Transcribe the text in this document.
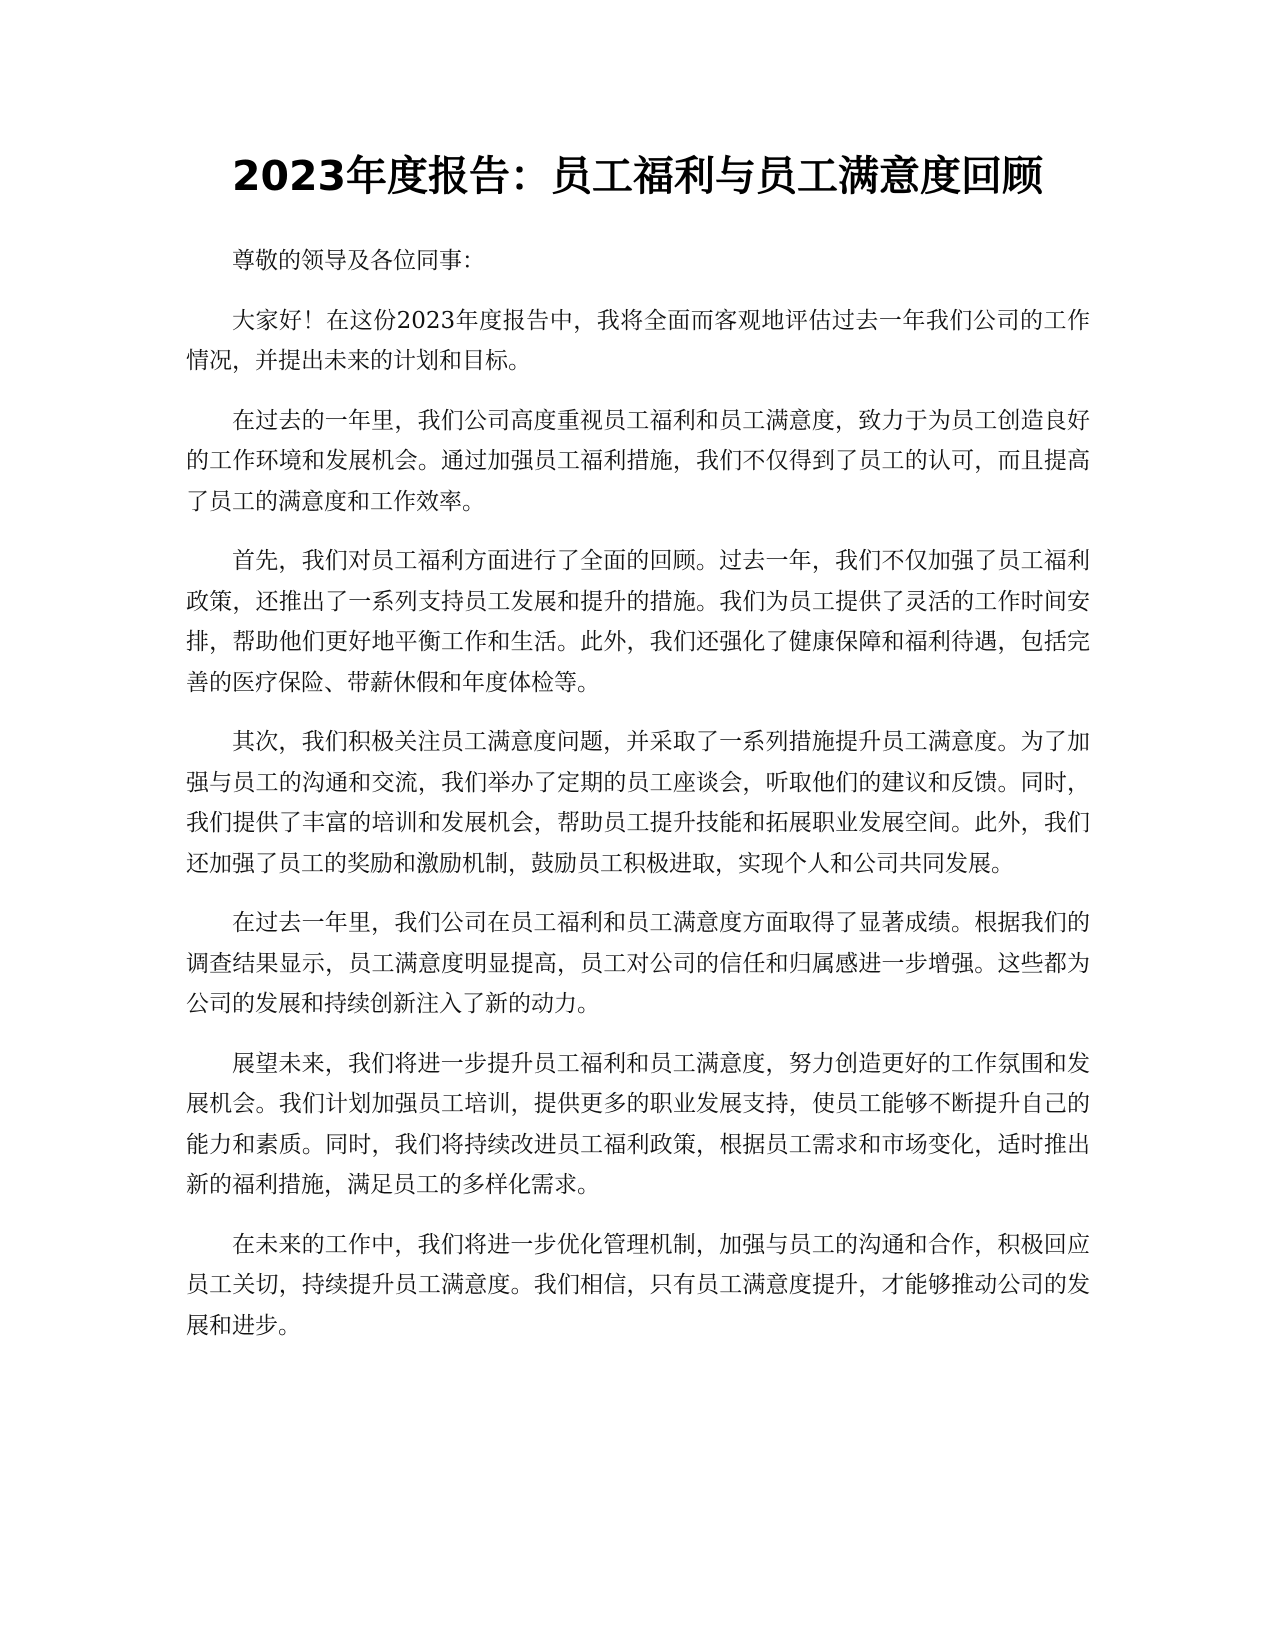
2023年度报告：员工福利与员工满意度回顾

尊敬的领导及各位同事：

大家好！在这份2023年度报告中，我将全面而客观地评估过去一年我们公司的工作情况，并提出未来的计划和目标。

在过去的一年里，我们公司高度重视员工福利和员工满意度，致力于为员工创造良好的工作环境和发展机会。通过加强员工福利措施，我们不仅得到了员工的认可，而且提高了员工的满意度和工作效率。

首先，我们对员工福利方面进行了全面的回顾。过去一年，我们不仅加强了员工福利政策，还推出了一系列支持员工发展和提升的措施。我们为员工提供了灵活的工作时间安排，帮助他们更好地平衡工作和生活。此外，我们还强化了健康保障和福利待遇，包括完善的医疗保险、带薪休假和年度体检等。

其次，我们积极关注员工满意度问题，并采取了一系列措施提升员工满意度。为了加强与员工的沟通和交流，我们举办了定期的员工座谈会，听取他们的建议和反馈。同时，我们提供了丰富的培训和发展机会，帮助员工提升技能和拓展职业发展空间。此外，我们还加强了员工的奖励和激励机制，鼓励员工积极进取，实现个人和公司共同发展。

在过去一年里，我们公司在员工福利和员工满意度方面取得了显著成绩。根据我们的调查结果显示，员工满意度明显提高，员工对公司的信任和归属感进一步增强。这些都为公司的发展和持续创新注入了新的动力。

展望未来，我们将进一步提升员工福利和员工满意度，努力创造更好的工作氛围和发展机会。我们计划加强员工培训，提供更多的职业发展支持，使员工能够不断提升自己的能力和素质。同时，我们将持续改进员工福利政策，根据员工需求和市场变化，适时推出新的福利措施，满足员工的多样化需求。

在未来的工作中，我们将进一步优化管理机制，加强与员工的沟通和合作，积极回应员工关切，持续提升员工满意度。我们相信，只有员工满意度提升，才能够推动公司的发展和进步。
